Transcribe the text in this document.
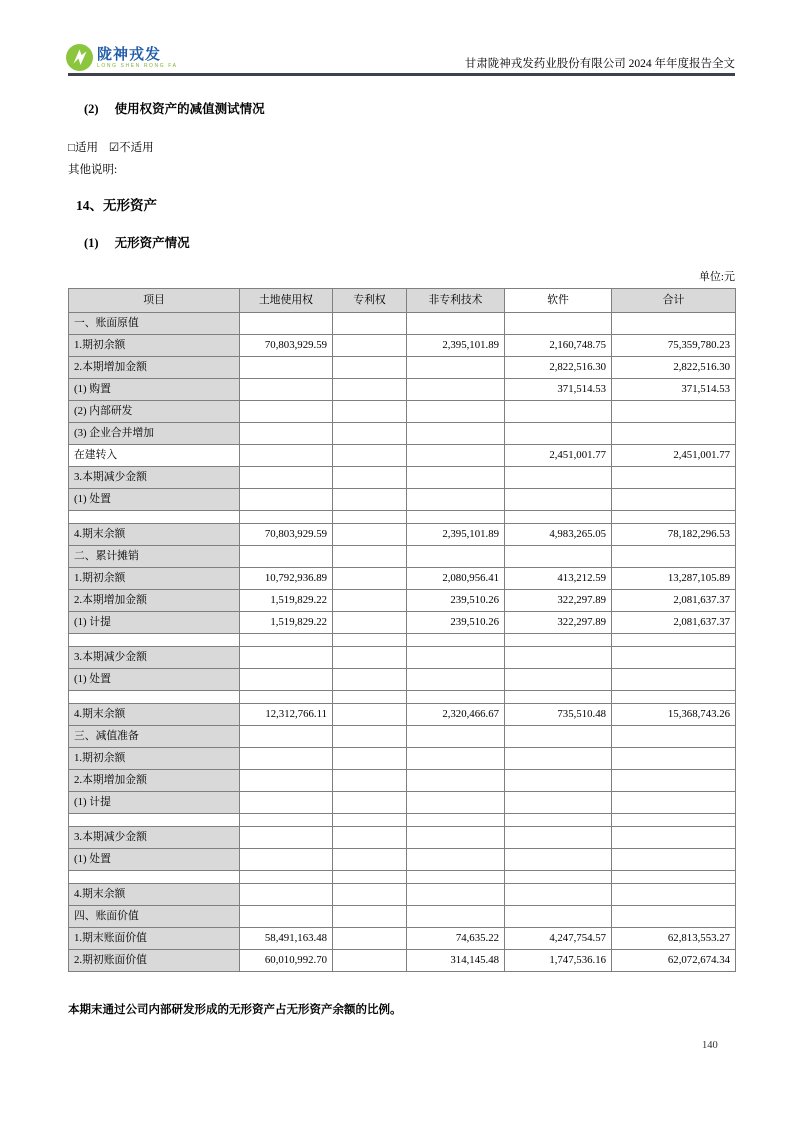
陇神戎发
LONG SHEN RONG FA	甘肃陇神戎发药业股份有限公司 2024 年年度报告全文
(2) 使用权资产的减值测试情况
□适用 ☑不适用
其他说明:
14、无形资产
(1) 无形资产情况
单位:元
项目	土地使用权	专利权	非专利技术	软件	合计
一、账面原值					
1.期初余额	70,803,929.59		2,395,101.89	2,160,748.75	75,359,780.23
2.本期增加金额				2,822,516.30	2,822,516.30
(1) 购置				371,514.53	371,514.53
(2) 内部研发					
(3) 企业合并增加					
在建转入				2,451,001.77	2,451,001.77
3.本期减少金额					
(1) 处置					

4.期末余额	70,803,929.59		2,395,101.89	4,983,265.05	78,182,296.53
二、累计摊销					
1.期初余额	10,792,936.89		2,080,956.41	413,212.59	13,287,105.89
2.本期增加金额	1,519,829.22		239,510.26	322,297.89	2,081,637.37
(1) 计提	1,519,829.22		239,510.26	322,297.89	2,081,637.37

3.本期减少金额					
(1) 处置					

4.期末余额	12,312,766.11		2,320,466.67	735,510.48	15,368,743.26
三、减值准备					
1.期初余额					
2.本期增加金额					
(1) 计提					

3.本期减少金额					
(1) 处置					

4.期末余额					
四、账面价值					
1.期末账面价值	58,491,163.48		74,635.22	4,247,754.57	62,813,553.27
2.期初账面价值	60,010,992.70		314,145.48	1,747,536.16	62,072,674.34
本期末通过公司内部研发形成的无形资产占无形资产余额的比例。
140
